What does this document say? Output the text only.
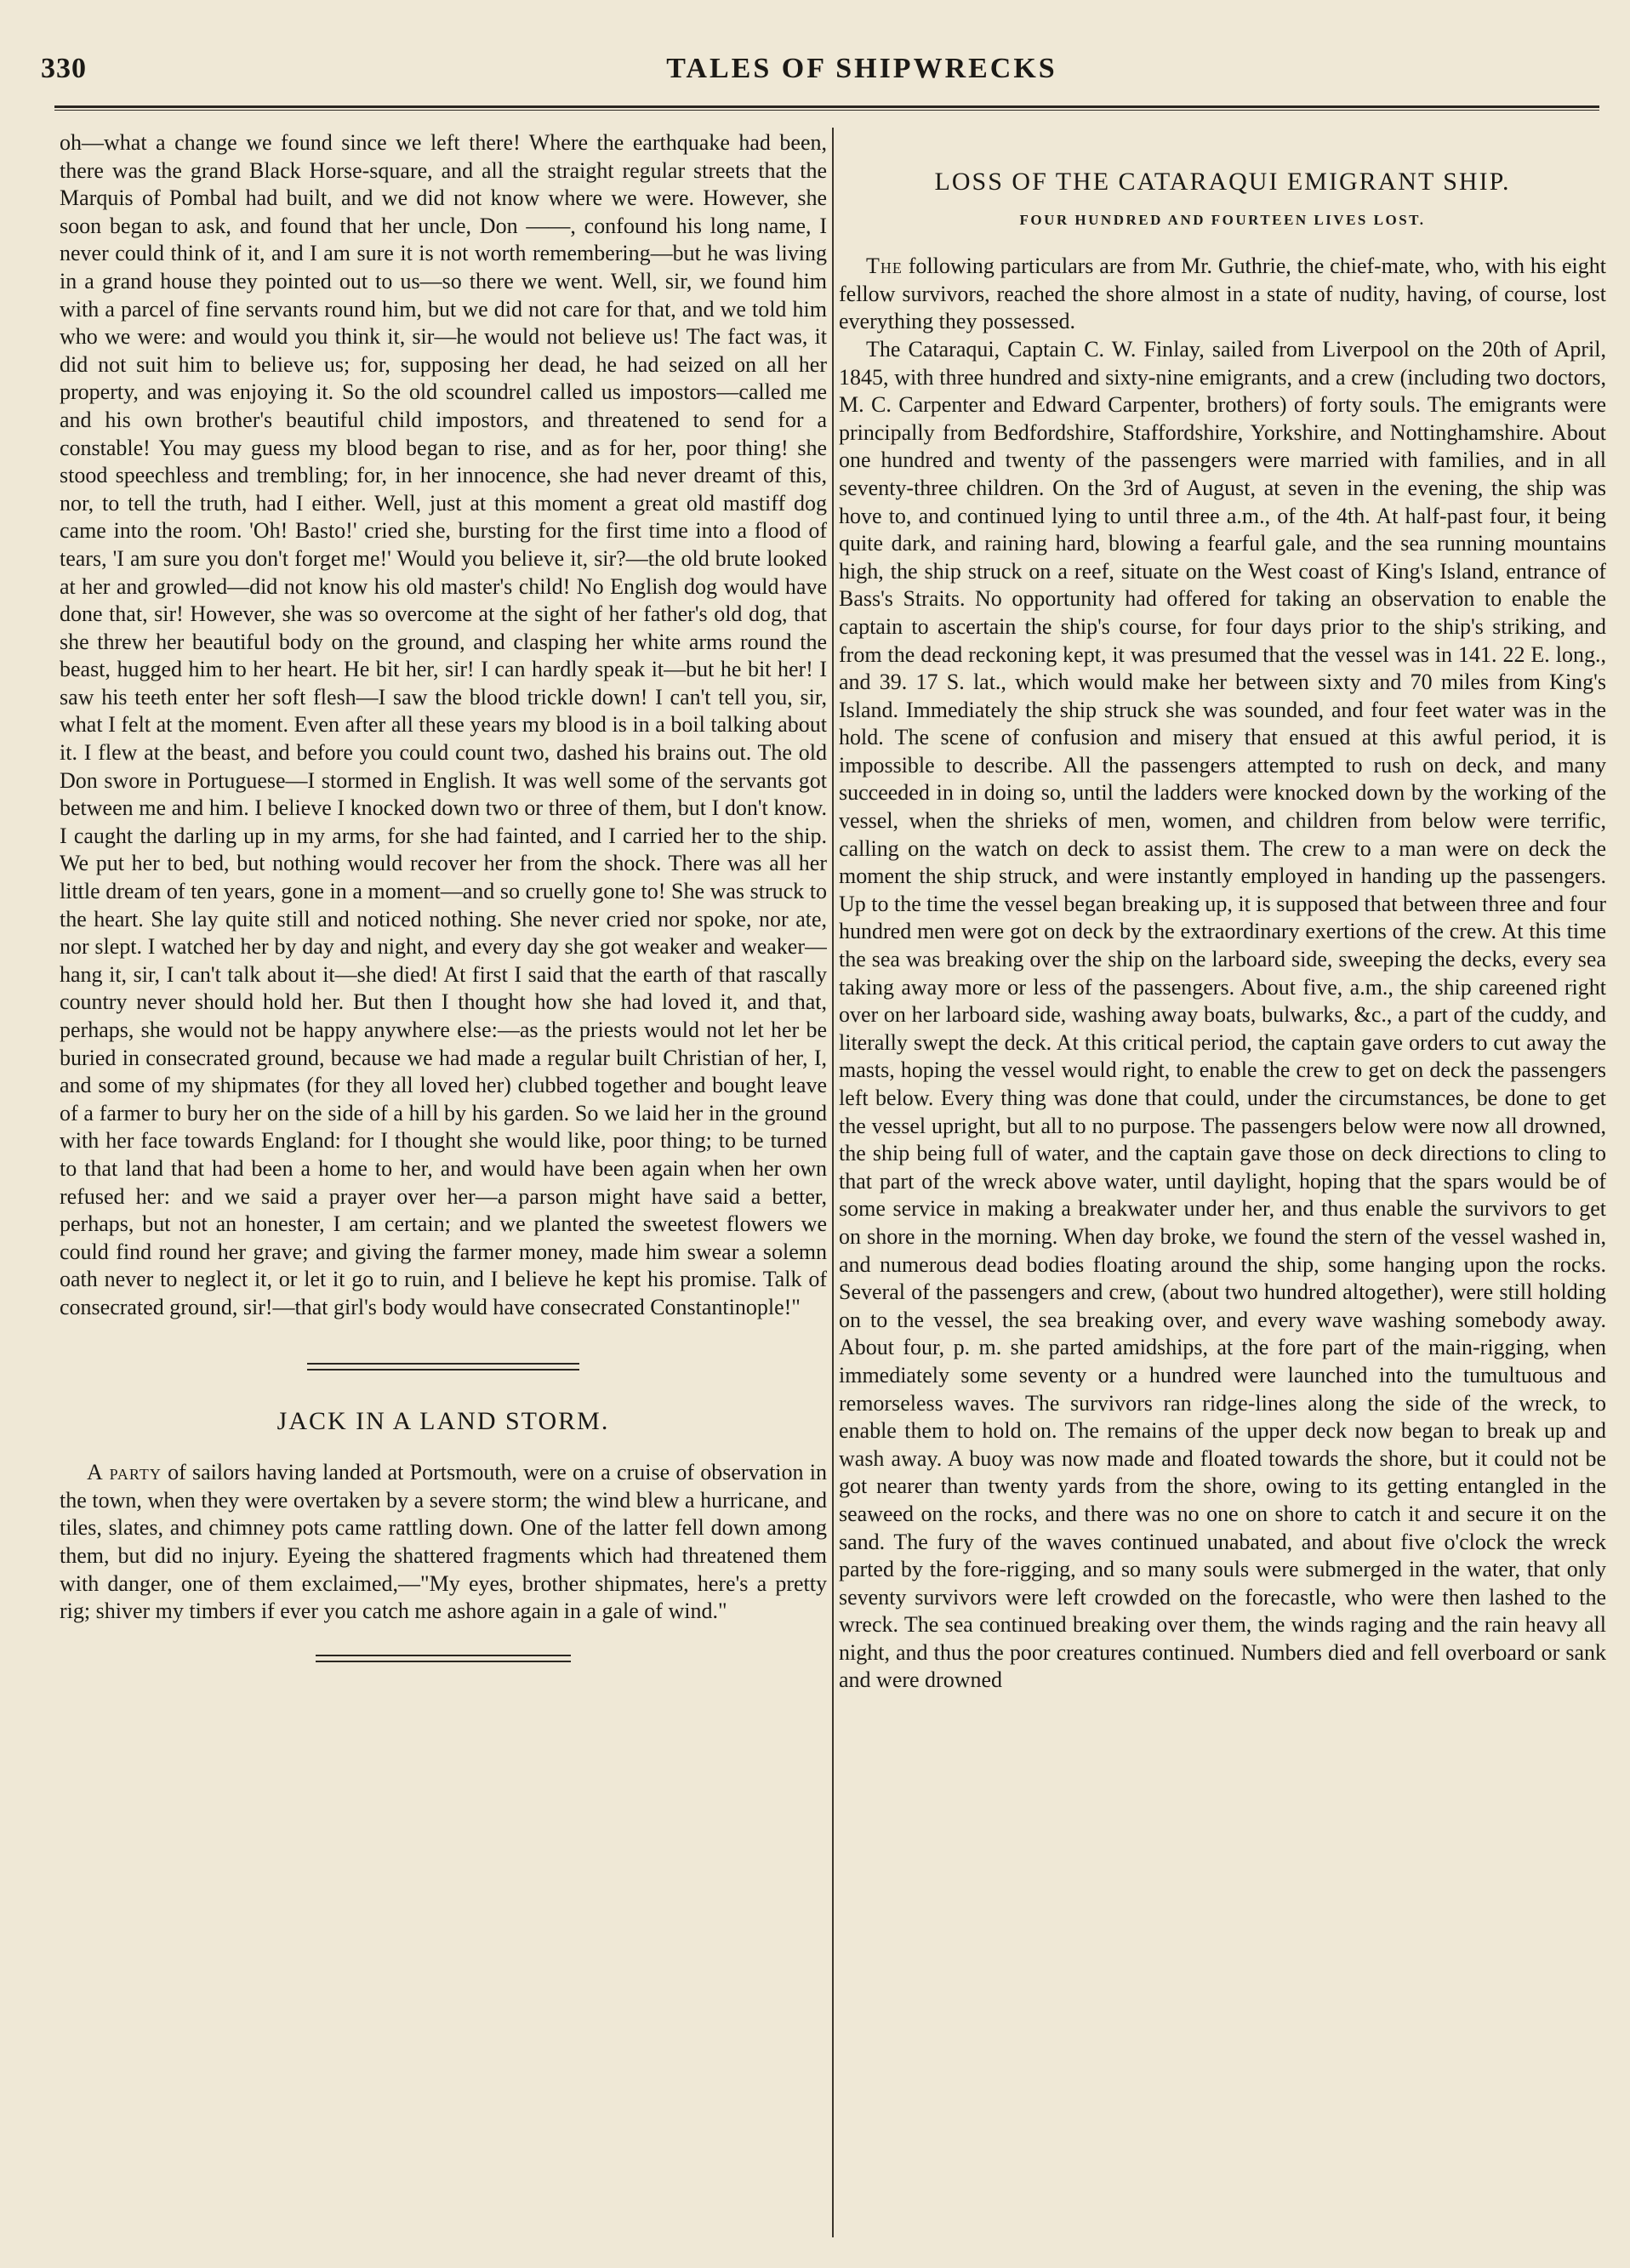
330	TALES OF SHIPWRECKS

oh—what a change we found since we left there! Where the earthquake had been, there was the grand Black Horse-square, and all the straight regular streets that the Marquis of Pombal had built, and we did not know where we were. However, she soon began to ask, and found that her uncle, Don ——, confound his long name, I never could think of it, and I am sure it is not worth remembering—but he was living in a grand house they pointed out to us—so there we went. Well, sir, we found him with a parcel of fine servants round him, but we did not care for that, and we told him who we were: and would you think it, sir—he would not believe us! The fact was, it did not suit him to believe us; for, supposing her dead, he had seized on all her property, and was enjoying it. So the old scoundrel called us impostors—called me and his own brother's beautiful child impostors, and threatened to send for a constable! You may guess my blood began to rise, and as for her, poor thing! she stood speechless and trembling; for, in her innocence, she had never dreamt of this, nor, to tell the truth, had I either. Well, just at this moment a great old mastiff dog came into the room. 'Oh! Basto!' cried she, bursting for the first time into a flood of tears, 'I am sure you don't forget me!' Would you believe it, sir?—the old brute looked at her and growled—did not know his old master's child! No English dog would have done that, sir! However, she was so overcome at the sight of her father's old dog, that she threw her beautiful body on the ground, and clasping her white arms round the beast, hugged him to her heart. He bit her, sir! I can hardly speak it—but he bit her! I saw his teeth enter her soft flesh—I saw the blood trickle down! I can't tell you, sir, what I felt at the moment. Even after all these years my blood is in a boil talking about it. I flew at the beast, and before you could count two, dashed his brains out. The old Don swore in Portuguese—I stormed in English. It was well some of the servants got between me and him. I believe I knocked down two or three of them, but I don't know. I caught the darling up in my arms, for she had fainted, and I carried her to the ship. We put her to bed, but nothing would recover her from the shock. There was all her little dream of ten years, gone in a moment—and so cruelly gone to! She was struck to the heart. She lay quite still and noticed nothing. She never cried nor spoke, nor ate, nor slept. I watched her by day and night, and every day she got weaker and weaker—hang it, sir, I can't talk about it—she died! At first I said that the earth of that rascally country never should hold her. But then I thought how she had loved it, and that, perhaps, she would not be happy anywhere else:—as the priests would not let her be buried in consecrated ground, because we had made a regular built Christian of her, I, and some of my shipmates (for they all loved her) clubbed together and bought leave of a farmer to bury her on the side of a hill by his garden. So we laid her in the ground with her face towards England: for I thought she would like, poor thing; to be turned to that land that had been a home to her, and would have been again when her own refused her: and we said a prayer over her—a parson might have said a better, perhaps, but not an honester, I am certain; and we planted the sweetest flowers we could find round her grave; and giving the farmer money, made him swear a solemn oath never to neglect it, or let it go to ruin, and I believe he kept his promise. Talk of consecrated ground, sir!—that girl's body would have consecrated Constantinople!"

JACK IN A LAND STORM.

A party of sailors having landed at Portsmouth, were on a cruise of observation in the town, when they were overtaken by a severe storm; the wind blew a hurricane, and tiles, slates, and chimney pots came rattling down. One of the latter fell down among them, but did no injury. Eyeing the shattered fragments which had threatened them with danger, one of them exclaimed,—"My eyes, brother shipmates, here's a pretty rig; shiver my timbers if ever you catch me ashore again in a gale of wind."

LOSS OF THE CATARAQUI EMIGRANT SHIP.
FOUR HUNDRED AND FOURTEEN LIVES LOST.

The following particulars are from Mr. Guthrie, the chief-mate, who, with his eight fellow survivors, reached the shore almost in a state of nudity, having, of course, lost everything they possessed.

The Cataraqui, Captain C. W. Finlay, sailed from Liverpool on the 20th of April, 1845, with three hundred and sixty-nine emigrants, and a crew (including two doctors, M. C. Carpenter and Edward Carpenter, brothers) of forty souls. The emigrants were principally from Bedfordshire, Staffordshire, Yorkshire, and Nottinghamshire. About one hundred and twenty of the passengers were married with families, and in all seventy-three children. On the 3rd of August, at seven in the evening, the ship was hove to, and continued lying to until three a.m., of the 4th. At half-past four, it being quite dark, and raining hard, blowing a fearful gale, and the sea running mountains high, the ship struck on a reef, situate on the West coast of King's Island, entrance of Bass's Straits. No opportunity had offered for taking an observation to enable the captain to ascertain the ship's course, for four days prior to the ship's striking, and from the dead reckoning kept, it was presumed that the vessel was in 141. 22 E. long., and 39. 17 S. lat., which would make her between sixty and 70 miles from King's Island. Immediately the ship struck she was sounded, and four feet water was in the hold. The scene of confusion and misery that ensued at this awful period, it is impossible to describe. All the passengers attempted to rush on deck, and many succeeded in in doing so, until the ladders were knocked down by the working of the vessel, when the shrieks of men, women, and children from below were terrific, calling on the watch on deck to assist them. The crew to a man were on deck the moment the ship struck, and were instantly employed in handing up the passengers. Up to the time the vessel began breaking up, it is supposed that between three and four hundred men were got on deck by the extraordinary exertions of the crew. At this time the sea was breaking over the ship on the larboard side, sweeping the decks, every sea taking away more or less of the passengers. About five, a.m., the ship careened right over on her larboard side, washing away boats, bulwarks, &c., a part of the cuddy, and literally swept the deck. At this critical period, the captain gave orders to cut away the masts, hoping the vessel would right, to enable the crew to get on deck the passengers left below. Every thing was done that could, under the circumstances, be done to get the vessel upright, but all to no purpose. The passengers below were now all drowned, the ship being full of water, and the captain gave those on deck directions to cling to that part of the wreck above water, until daylight, hoping that the spars would be of some service in making a breakwater under her, and thus enable the survivors to get on shore in the morning. When day broke, we found the stern of the vessel washed in, and numerous dead bodies floating around the ship, some hanging upon the rocks. Several of the passengers and crew, (about two hundred altogether), were still holding on to the vessel, the sea breaking over, and every wave washing somebody away. About four, p. m. she parted amidships, at the fore part of the main-rigging, when immediately some seventy or a hundred were launched into the tumultuous and remorseless waves. The survivors ran ridge-lines along the side of the wreck, to enable them to hold on. The remains of the upper deck now began to break up and wash away. A buoy was now made and floated towards the shore, but it could not be got nearer than twenty yards from the shore, owing to its getting entangled in the seaweed on the rocks, and there was no one on shore to catch it and secure it on the sand. The fury of the waves continued unabated, and about five o'clock the wreck parted by the fore-rigging, and so many souls were submerged in the water, that only seventy survivors were left crowded on the forecastle, who were then lashed to the wreck. The sea continued breaking over them, the winds raging and the rain heavy all night, and thus the poor creatures continued. Numbers died and fell overboard or sank and were drowned
